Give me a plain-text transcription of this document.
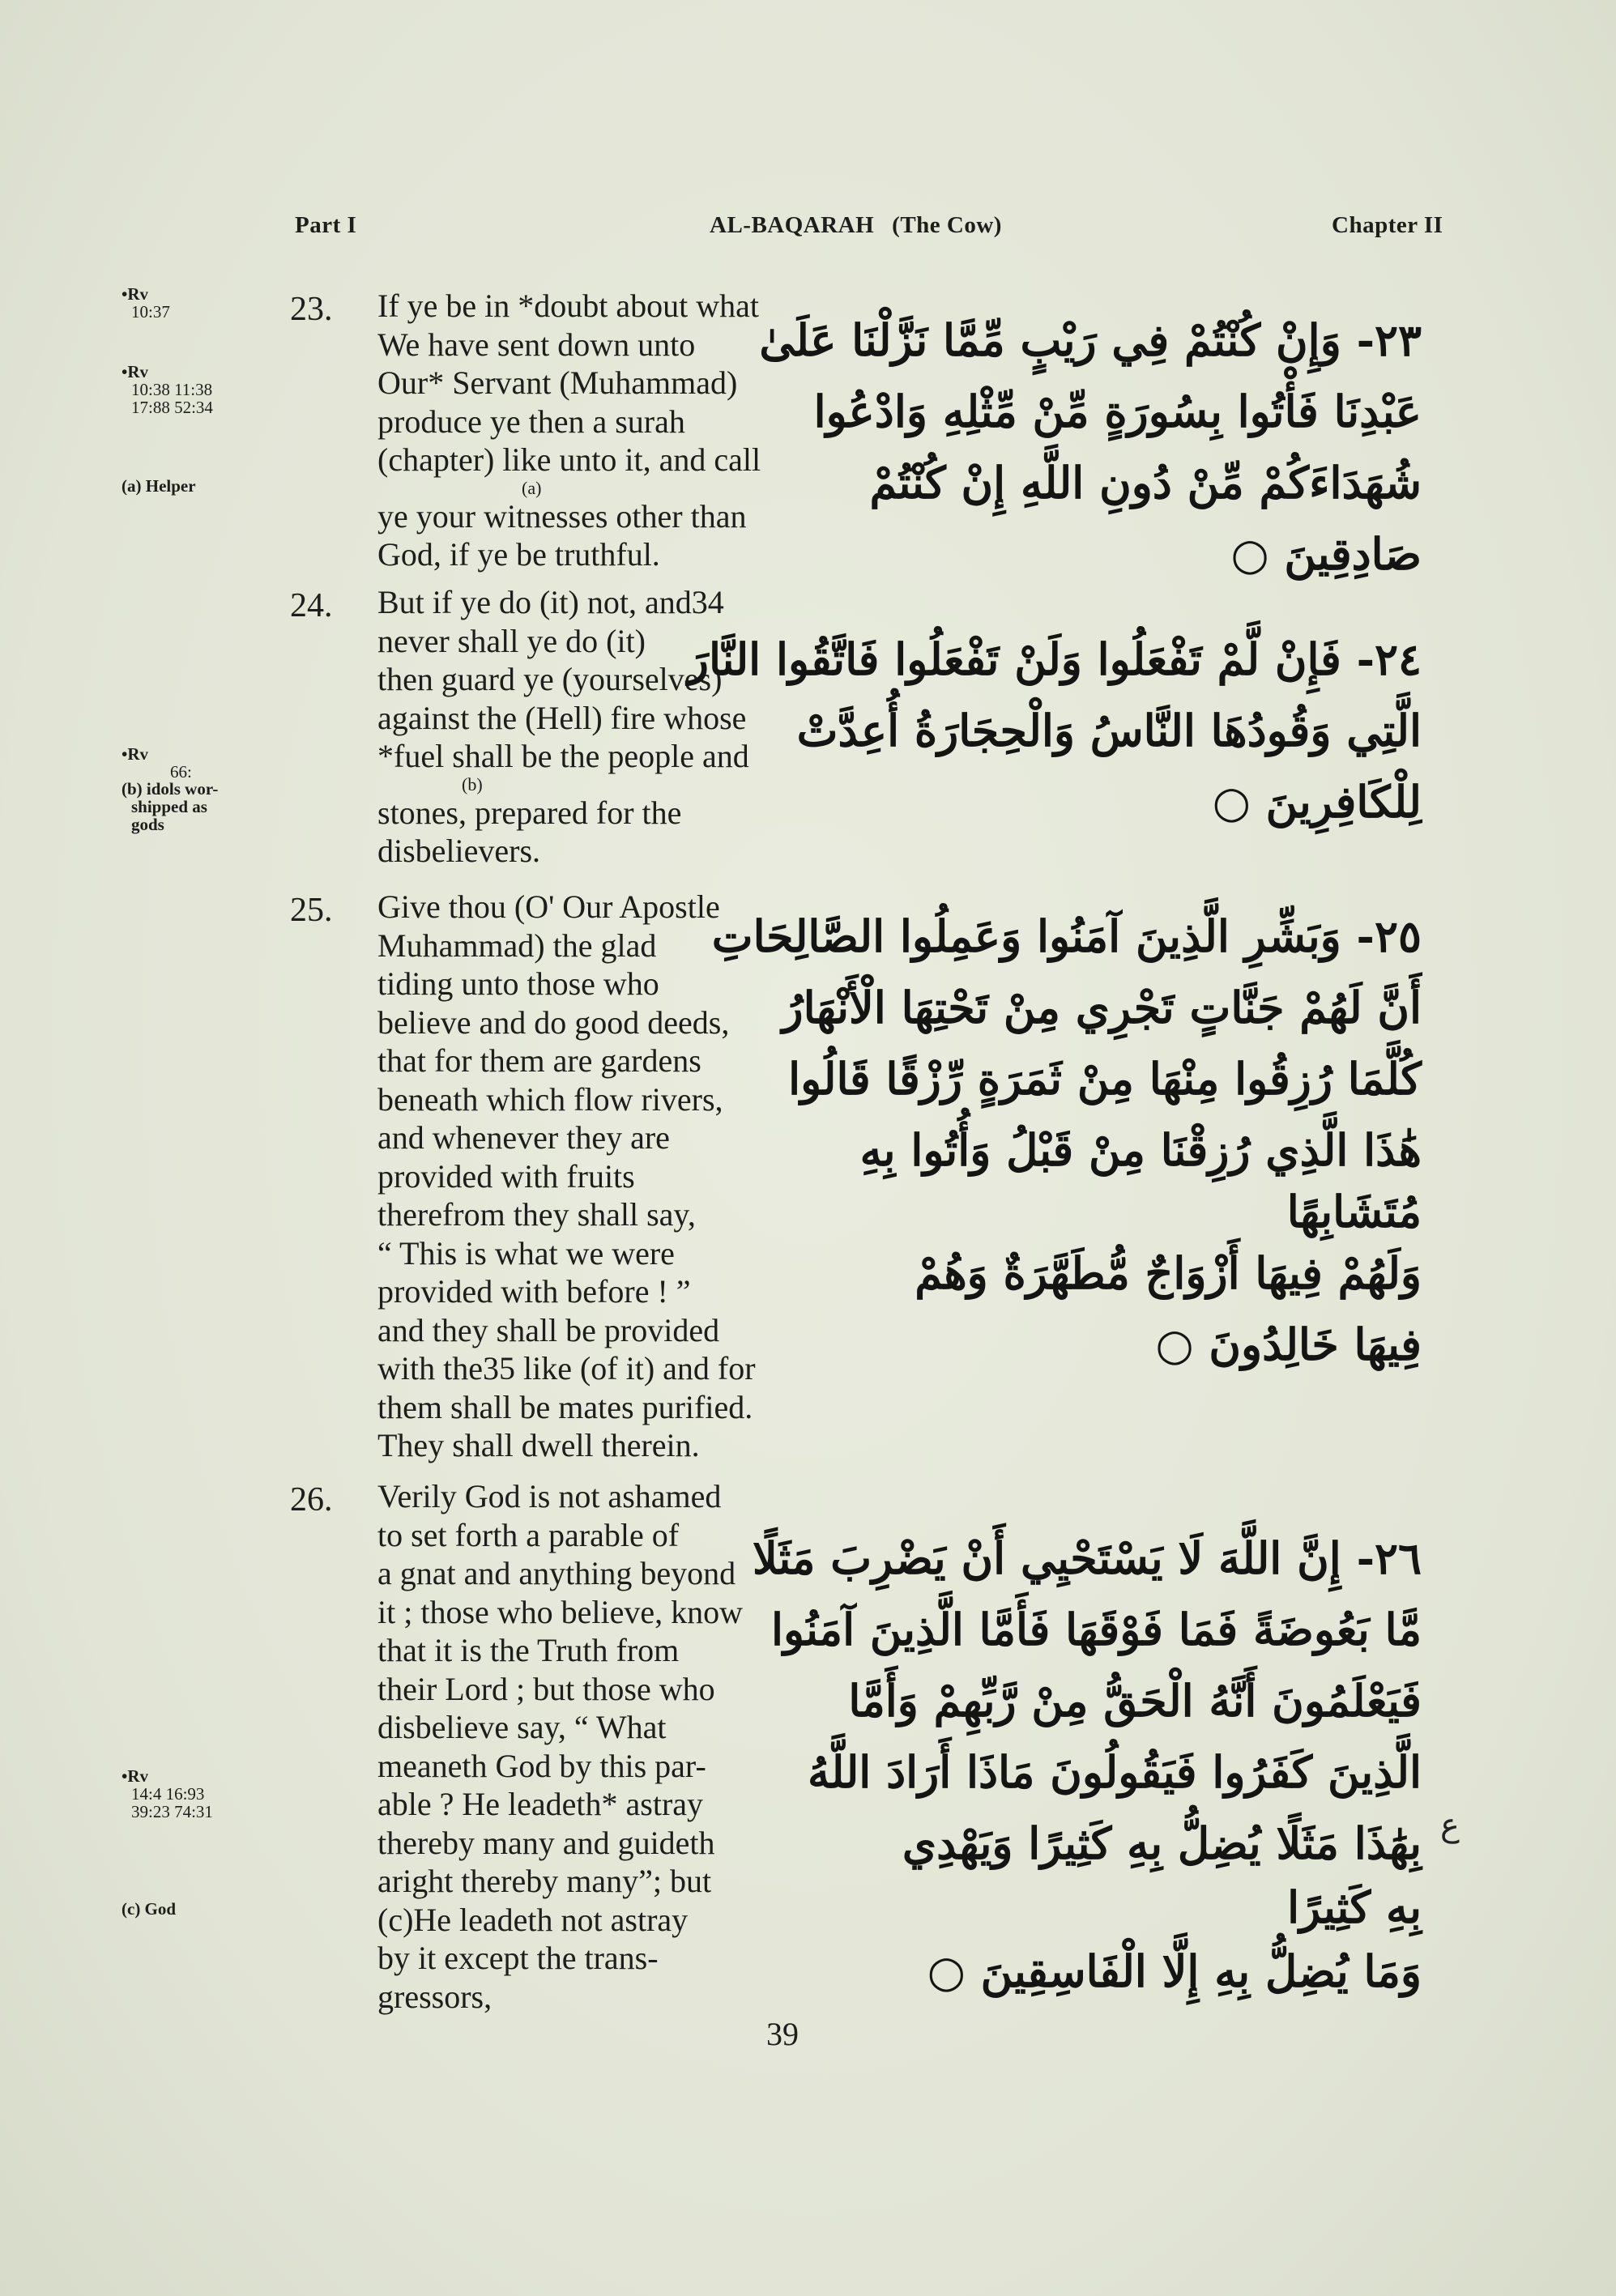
Part I	AL-BAQARAH (The Cow)	Chapter II
•Rv
10:37
•Rv
10:38 11:38
17:88 52:34
(a) Helper
•Rv
66:
(b) idols wor-
shipped as
gods
•Rv
14:4 16:93
39:23 74:31
(c) God
23. If ye be in *doubt about what
We have sent down unto
Our* Servant (Muhammad)
produce ye then a surah
(chapter) like unto it, and call
(a)
ye your witnesses other than
God, if ye be truthful.
24. But if ye do (it) not, and34
never shall ye do (it)
then guard ye (yourselves)
against the (Hell) fire whose
*fuel shall be the people and
(b)
stones, prepared for the
disbelievers.
25. Give thou (O' Our Apostle
Muhammad) the glad
tiding unto those who
believe and do good deeds,
that for them are gardens
beneath which flow rivers,
and whenever they are
provided with fruits
therefrom they shall say,
“ This is what we were
provided with before ! ”
and they shall be provided
with the35 like (of it) and for
them shall be mates purified.
They shall dwell therein.
26. Verily God is not ashamed
to set forth a parable of
a gnat and anything beyond
it ; those who believe, know
that it is the Truth from
their Lord ; but those who
disbelieve say, “ What
meaneth God by this par-
able ? He leadeth* astray
thereby many and guideth
aright thereby many”; but
(c)He leadeth not astray
by it except the trans-
gressors,
٢٣- وَإِنْ كُنْتُمْ فِي رَيْبٍ مِّمَّا نَزَّلْنَا عَلَىٰ
عَبْدِنَا فَأْتُوا بِسُورَةٍ مِّنْ مِّثْلِهِ وَادْعُوا
شُهَدَاءَكُمْ مِّنْ دُونِ اللَّهِ إِنْ كُنْتُمْ
صَادِقِينَ ○
٢٤- فَإِنْ لَّمْ تَفْعَلُوا وَلَنْ تَفْعَلُوا فَاتَّقُوا النَّارَ
الَّتِي وَقُودُهَا النَّاسُ وَالْحِجَارَةُ أُعِدَّتْ
لِلْكَافِرِينَ ○
٢٥- وَبَشِّرِ الَّذِينَ آمَنُوا وَعَمِلُوا الصَّالِحَاتِ
أَنَّ لَهُمْ جَنَّاتٍ تَجْرِي مِنْ تَحْتِهَا الْأَنْهَارُ
كُلَّمَا رُزِقُوا مِنْهَا مِنْ ثَمَرَةٍ رِّزْقًا قَالُوا
هَٰذَا الَّذِي رُزِقْنَا مِنْ قَبْلُ وَأُتُوا بِهِ
مُتَشَابِهًا
وَلَهُمْ فِيهَا أَزْوَاجٌ مُّطَهَّرَةٌ وَهُمْ
فِيهَا خَالِدُونَ ○
٢٦- إِنَّ اللَّهَ لَا يَسْتَحْيِي أَنْ يَضْرِبَ مَثَلًا
مَّا بَعُوضَةً فَمَا فَوْقَهَا فَأَمَّا الَّذِينَ آمَنُوا
فَيَعْلَمُونَ أَنَّهُ الْحَقُّ مِنْ رَّبِّهِمْ وَأَمَّا
الَّذِينَ كَفَرُوا فَيَقُولُونَ مَاذَا أَرَادَ اللَّهُ
بِهَٰذَا مَثَلًا يُضِلُّ بِهِ كَثِيرًا وَيَهْدِي
بِهِ كَثِيرًا
وَمَا يُضِلُّ بِهِ إِلَّا الْفَاسِقِينَ ○
ع
39
